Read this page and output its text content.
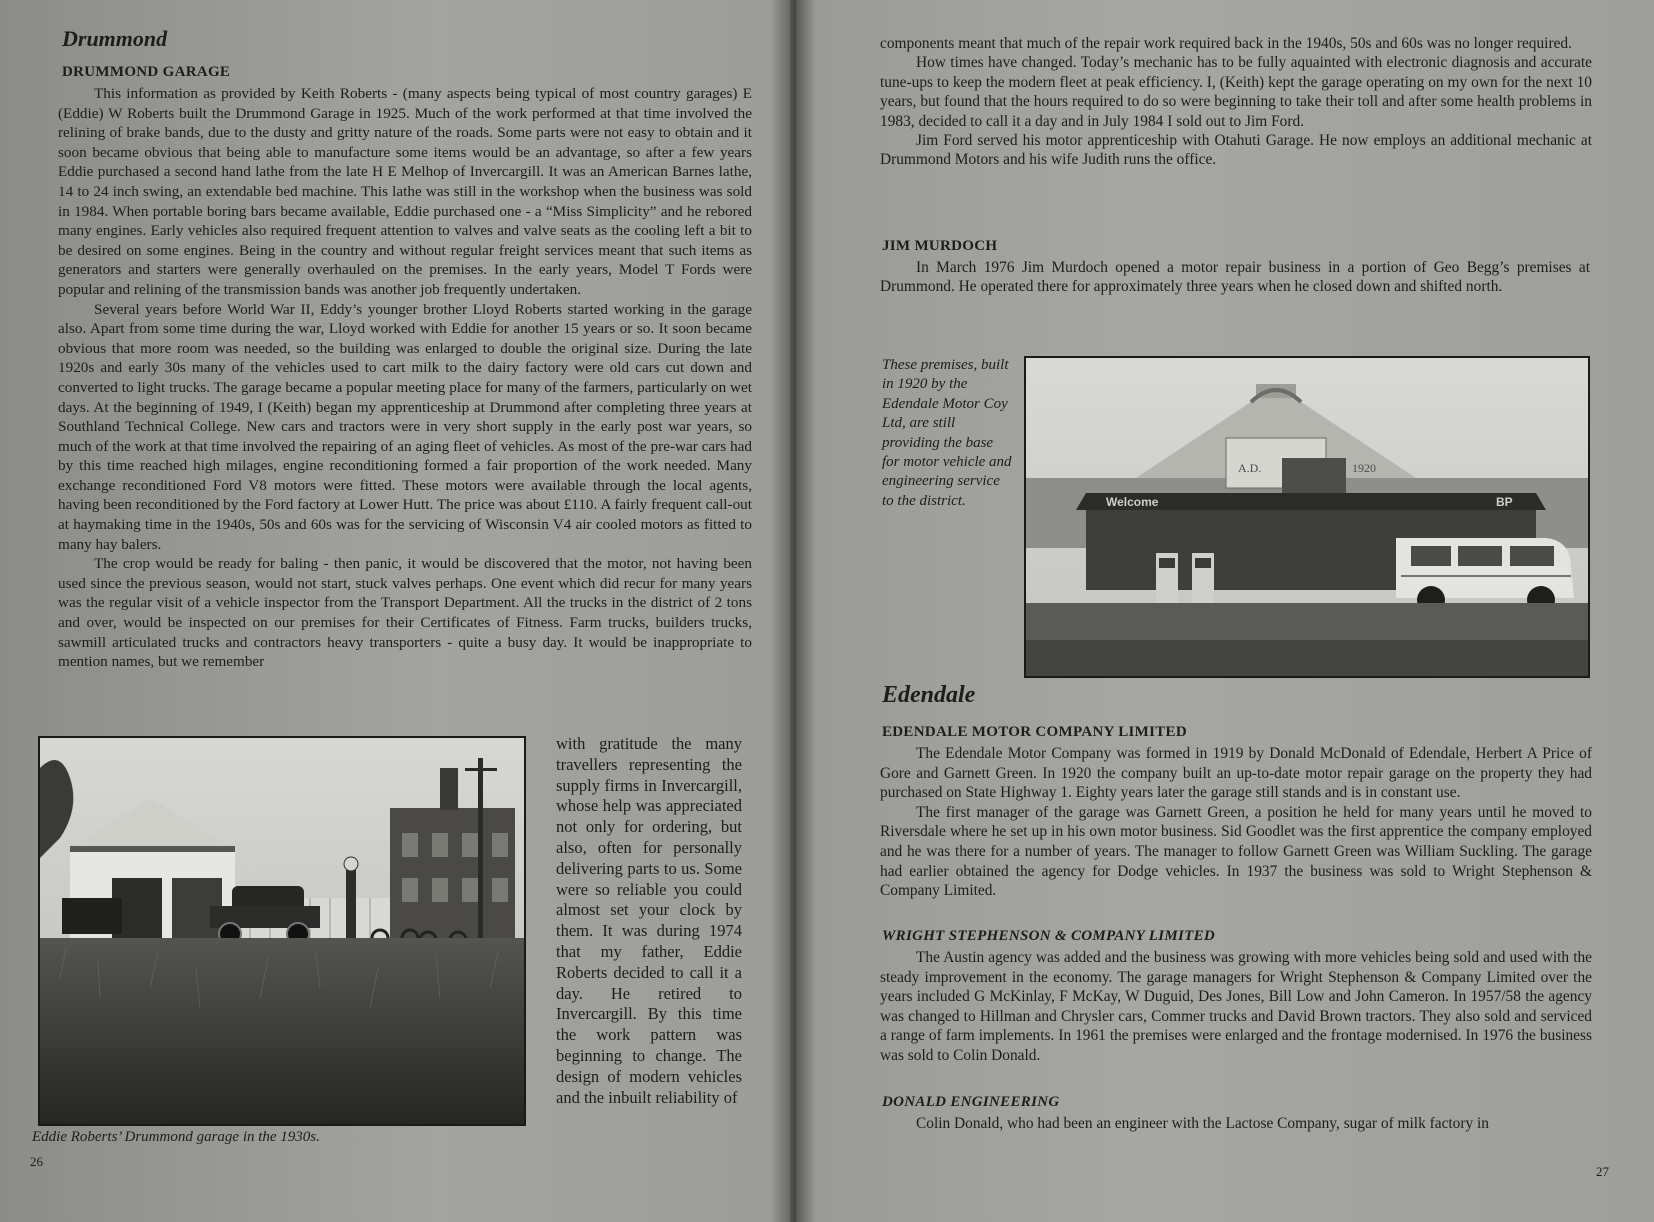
Drummond
DRUMMOND GARAGE

This information as provided by Keith Roberts - (many aspects being typical of most country garages) E (Eddie) W Roberts built the Drummond Garage in 1925. Much of the work performed at that time involved the relining of brake bands, due to the dusty and gritty nature of the roads. Some parts were not easy to obtain and it soon became obvious that being able to manufacture some items would be an advantage, so after a few years Eddie purchased a second hand lathe from the late H E Melhop of Invercargill. It was an American Barnes lathe, 14 to 24 inch swing, an extendable bed machine. This lathe was still in the workshop when the business was sold in 1984. When portable boring bars became available, Eddie purchased one - a “Miss Simplicity” and he rebored many engines. Early vehicles also required frequent attention to valves and valve seats as the cooling left a bit to be desired on some engines. Being in the country and without regular freight services meant that such items as generators and starters were generally overhauled on the premises. In the early years, Model T Fords were popular and relining of the transmission bands was another job frequently undertaken.

Several years before World War II, Eddy’s younger brother Lloyd Roberts started working in the garage also. Apart from some time during the war, Lloyd worked with Eddie for another 15 years or so. It soon became obvious that more room was needed, so the building was enlarged to double the original size. During the late 1920s and early 30s many of the vehicles used to cart milk to the dairy factory were old cars cut down and converted to light trucks. The garage became a popular meeting place for many of the farmers, particularly on wet days. At the beginning of 1949, I (Keith) began my apprenticeship at Drummond after completing three years at Southland Technical College. New cars and tractors were in very short supply in the early post war years, so much of the work at that time involved the repairing of an aging fleet of vehicles. As most of the pre-war cars had by this time reached high milages, engine reconditioning formed a fair proportion of the work needed. Many exchange reconditioned Ford V8 motors were fitted. These motors were available through the local agents, having been reconditioned by the Ford factory at Lower Hutt. The price was about £110. A fairly frequent call-out at haymaking time in the 1940s, 50s and 60s was for the servicing of Wisconsin V4 air cooled motors as fitted to many hay balers.

The crop would be ready for baling - then panic, it would be discovered that the motor, not having been used since the previous season, would not start, stuck valves perhaps. One event which did recur for many years was the regular visit of a vehicle inspector from the Transport Department. All the trucks in the district of 2 tons and over, would be inspected on our premises for their Certificates of Fitness. Farm trucks, builders trucks, sawmill articulated trucks and contractors heavy transporters - quite a busy day. It would be inappropriate to mention names, but we remember

Eddie Roberts’ Drummond garage in the 1930s.

with gratitude the many travellers representing the supply firms in Invercargill, whose help was appreciated not only for ordering, but also, often for personally delivering parts to us. Some were so reliable you could almost set your clock by them. It was during 1974 that my father, Eddie Roberts decided to call it a day. He retired to Invercargill. By this time the work pattern was beginning to change. The design of modern vehicles and the inbuilt reliability of

26

components meant that much of the repair work required back in the 1940s, 50s and 60s was no longer required.

How times have changed. Today’s mechanic has to be fully aquainted with electronic diagnosis and accurate tune-ups to keep the modern fleet at peak efficiency. I, (Keith) kept the garage operating on my own for the next 10 years, but found that the hours required to do so were beginning to take their toll and after some health problems in 1983, decided to call it a day and in July 1984 I sold out to Jim Ford.

Jim Ford served his motor apprenticeship with Otahuti Garage. He now employs an additional mechanic at Drummond Motors and his wife Judith runs the office.

JIM MURDOCH

In March 1976 Jim Murdoch opened a motor repair business in a portion of Geo Begg’s premises at Drummond. He operated there for approximately three years when he closed down and shifted north.

These premises, built in 1920 by the Edendale Motor Coy Ltd, are still providing the base for motor vehicle and engineering service to the district.

A.D.	1920
Welcome	BP
Edendale
EDENDALE MOTOR COMPANY LIMITED

The Edendale Motor Company was formed in 1919 by Donald McDonald of Edendale, Herbert A Price of Gore and Garnett Green. In 1920 the company built an up-to-date motor repair garage on the property they had purchased on State Highway 1. Eighty years later the garage still stands and is in constant use.

The first manager of the garage was Garnett Green, a position he held for many years until he moved to Riversdale where he set up in his own motor business. Sid Goodlet was the first apprentice the company employed and he was there for a number of years. The manager to follow Garnett Green was William Suckling. The garage had earlier obtained the agency for Dodge vehicles. In 1937 the business was sold to Wright Stephenson & Company Limited.

WRIGHT STEPHENSON & COMPANY LIMITED

The Austin agency was added and the business was growing with more vehicles being sold and used with the steady improvement in the economy. The garage managers for Wright Stephenson & Company Limited over the years included G McKinlay, F McKay, W Duguid, Des Jones, Bill Low and John Cameron. In 1957/58 the agency was changed to Hillman and Chrysler cars, Commer trucks and David Brown tractors. They also sold and serviced a range of farm implements. In 1961 the premises were enlarged and the frontage modernised. In 1976 the business was sold to Colin Donald.

DONALD ENGINEERING

Colin Donald, who had been an engineer with the Lactose Company, sugar of milk factory in

27
